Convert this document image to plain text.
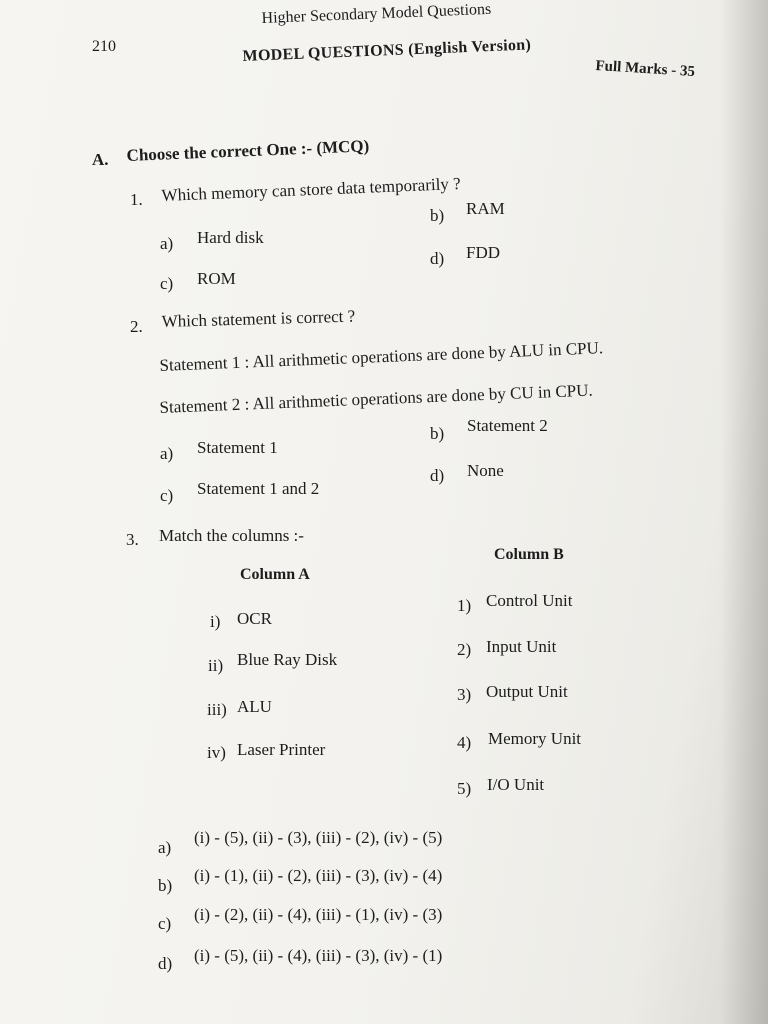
210
Higher Secondary Model Questions
MODEL QUESTIONS (English Version)
Full Marks - 35
A. Choose the correct One :- (MCQ)
1. Which memory can store data temporarily ?
a) Hard disk
b) RAM
c) ROM
d) FDD
2. Which statement is correct ?
Statement 1 : All arithmetic operations are done by ALU in CPU.
Statement 2 : All arithmetic operations are done by CU in CPU.
a) Statement 1
b) Statement 2
c) Statement 1 and 2
d) None
3. Match the columns :-
Column A
Column B
i) OCR
ii) Blue Ray Disk
iii) ALU
iv) Laser Printer
1) Control Unit
2) Input Unit
3) Output Unit
4) Memory Unit
5) I/O Unit
a)
(i) - (5), (ii) - (3), (iii) - (2), (iv) - (5)
b)
(i) - (1), (ii) - (2), (iii) - (3), (iv) - (4)
c) (i) - (2), (ii) - (4), (iii) - (1), (iv) - (3)
d) (i) - (5), (ii) - (4), (iii) - (3), (iv) - (1)
